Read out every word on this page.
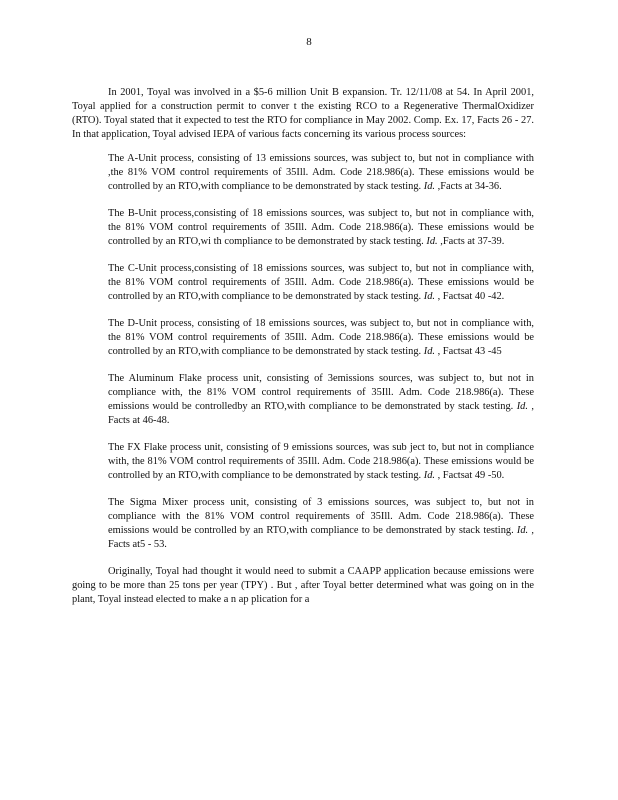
8

In 2001, Toyal was involved in a $5-6 million Unit B expansion. Tr. 12/11/08 at 54. In April 2001, Toyal applied for a construction permit to conver t the existing RCO to a Regenerative ThermalOxidizer (RTO). Toyal stated that it expected to test the RTO for compliance in May 2002. Comp. Ex. 17, Facts 26 - 27. In that application, Toyal advised IEPA of various facts concerning its various process sources:

The A-Unit process, consisting of 13 emissions sources, was subject to, but not in compliance with ,the 81% VOM control requirements of 35Ill. Adm. Code 218.986(a). These emissions would be controlled by an RTO,with compliance to be demonstrated by stack testing. Id. ,Facts at 34-36.

The B-Unit process,consisting of 18 emissions sources, was subject to, but not in compliance with, the 81% VOM control requirements of 35Ill. Adm. Code 218.986(a). These emissions would be controlled by an RTO,wi th compliance to be demonstrated by stack testing. Id. ,Facts at 37-39.

The C-Unit process,consisting of 18 emissions sources, was subject to, but not in compliance with, the 81% VOM control requirements of 35Ill. Adm. Code 218.986(a). These emissions would be controlled by an RTO,with compliance to be demonstrated by stack testing. Id. , Factsat 40 -42.

The D-Unit process, consisting of 18 emissions sources, was subject to, but not in compliance with, the 81% VOM control requirements of 35Ill. Adm. Code 218.986(a). These emissions would be controlled by an RTO,with compliance to be demonstrated by stack testing. Id. , Factsat 43 -45

The Aluminum Flake process unit, consisting of 3emissions sources, was subject to, but not in compliance with, the 81% VOM control requirements of 35Ill. Adm. Code 218.986(a). These emissions would be controlledby an RTO,with compliance to be demonstrated by stack testing. Id. , Facts at 46-48.

The FX Flake process unit, consisting of 9 emissions sources, was sub ject to, but not in compliance with, the 81% VOM control requirements of 35Ill. Adm. Code 218.986(a). These emissions would be controlled by an RTO,with compliance to be demonstrated by stack testing. Id. , Factsat 49 -50.

The Sigma Mixer process unit, consisting of 3 emissions sources, was subject to, but not in compliance with the 81% VOM control requirements of 35Ill. Adm. Code 218.986(a). These emissions would be controlled by an RTO,with compliance to be demonstrated by stack testing. Id. , Facts at5 - 53.

Originally, Toyal had thought it would need to submit a CAAPP application because emissions were going to be more than 25 tons per year (TPY) . But , after Toyal better determined what was going on in the plant, Toyal instead elected to make a n ap plication for a
